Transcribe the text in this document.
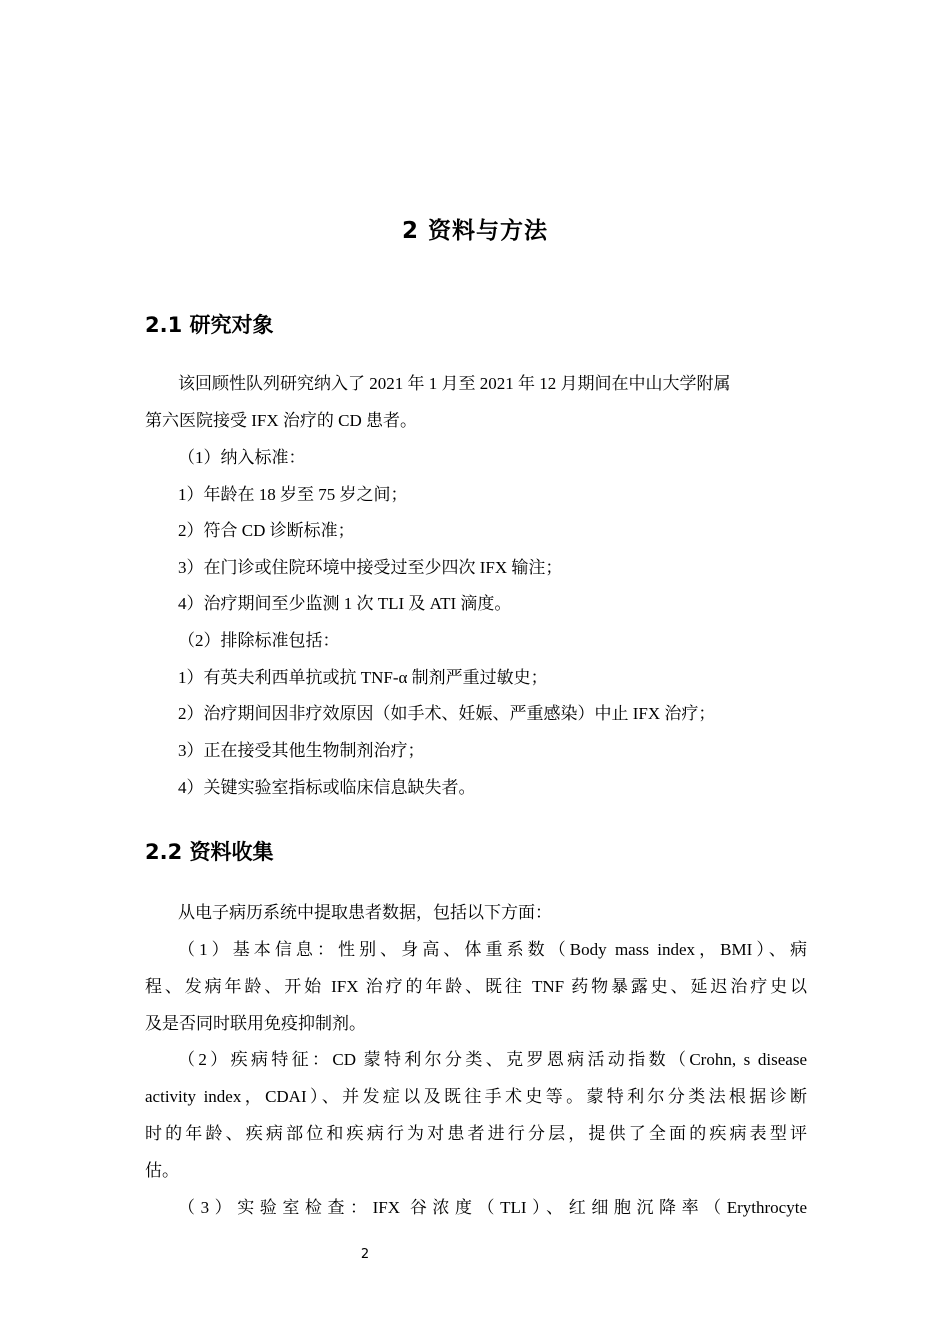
2 资料与方法
2.1 研究对象
该回顾性队列研究纳入了 2021 年 1 月至 2021 年 12 月期间在中山大学附属
第六医院接受 IFX 治疗的 CD 患者。
（1）纳入标准：
1）年龄在 18 岁至 75 岁之间；
2）符合 CD 诊断标准；
3）在门诊或住院环境中接受过至少四次 IFX 输注；
4）治疗期间至少监测 1 次 TLI 及 ATI 滴度。
（2）排除标准包括：
1）有英夫利西单抗或抗 TNF-α 制剂严重过敏史；
2）治疗期间因非疗效原因（如手术、妊娠、严重感染）中止 IFX 治疗；
3）正在接受其他生物制剂治疗；
4）关键实验室指标或临床信息缺失者。
2.2 资料收集
从电子病历系统中提取患者数据，包括以下方面：
（1）基本信息：性别、身高、体重系数（Body mass index，BMI）、病
程、发病年龄、开始 IFX 治疗的年龄、既往 TNF 药物暴露史、延迟治疗史以
及是否同时联用免疫抑制剂。
（2）疾病特征：CD 蒙特利尔分类、克罗恩病活动指数（Crohn, s disease
activity index，CDAI）、并发症以及既往手术史等。蒙特利尔分类法根据诊断
时的年龄、疾病部位和疾病行为对患者进行分层，提供了全面的疾病表型评
估。
（3）实验室检查：IFX 谷浓度（TLI）、红细胞沉降率（Erythrocyte
2
